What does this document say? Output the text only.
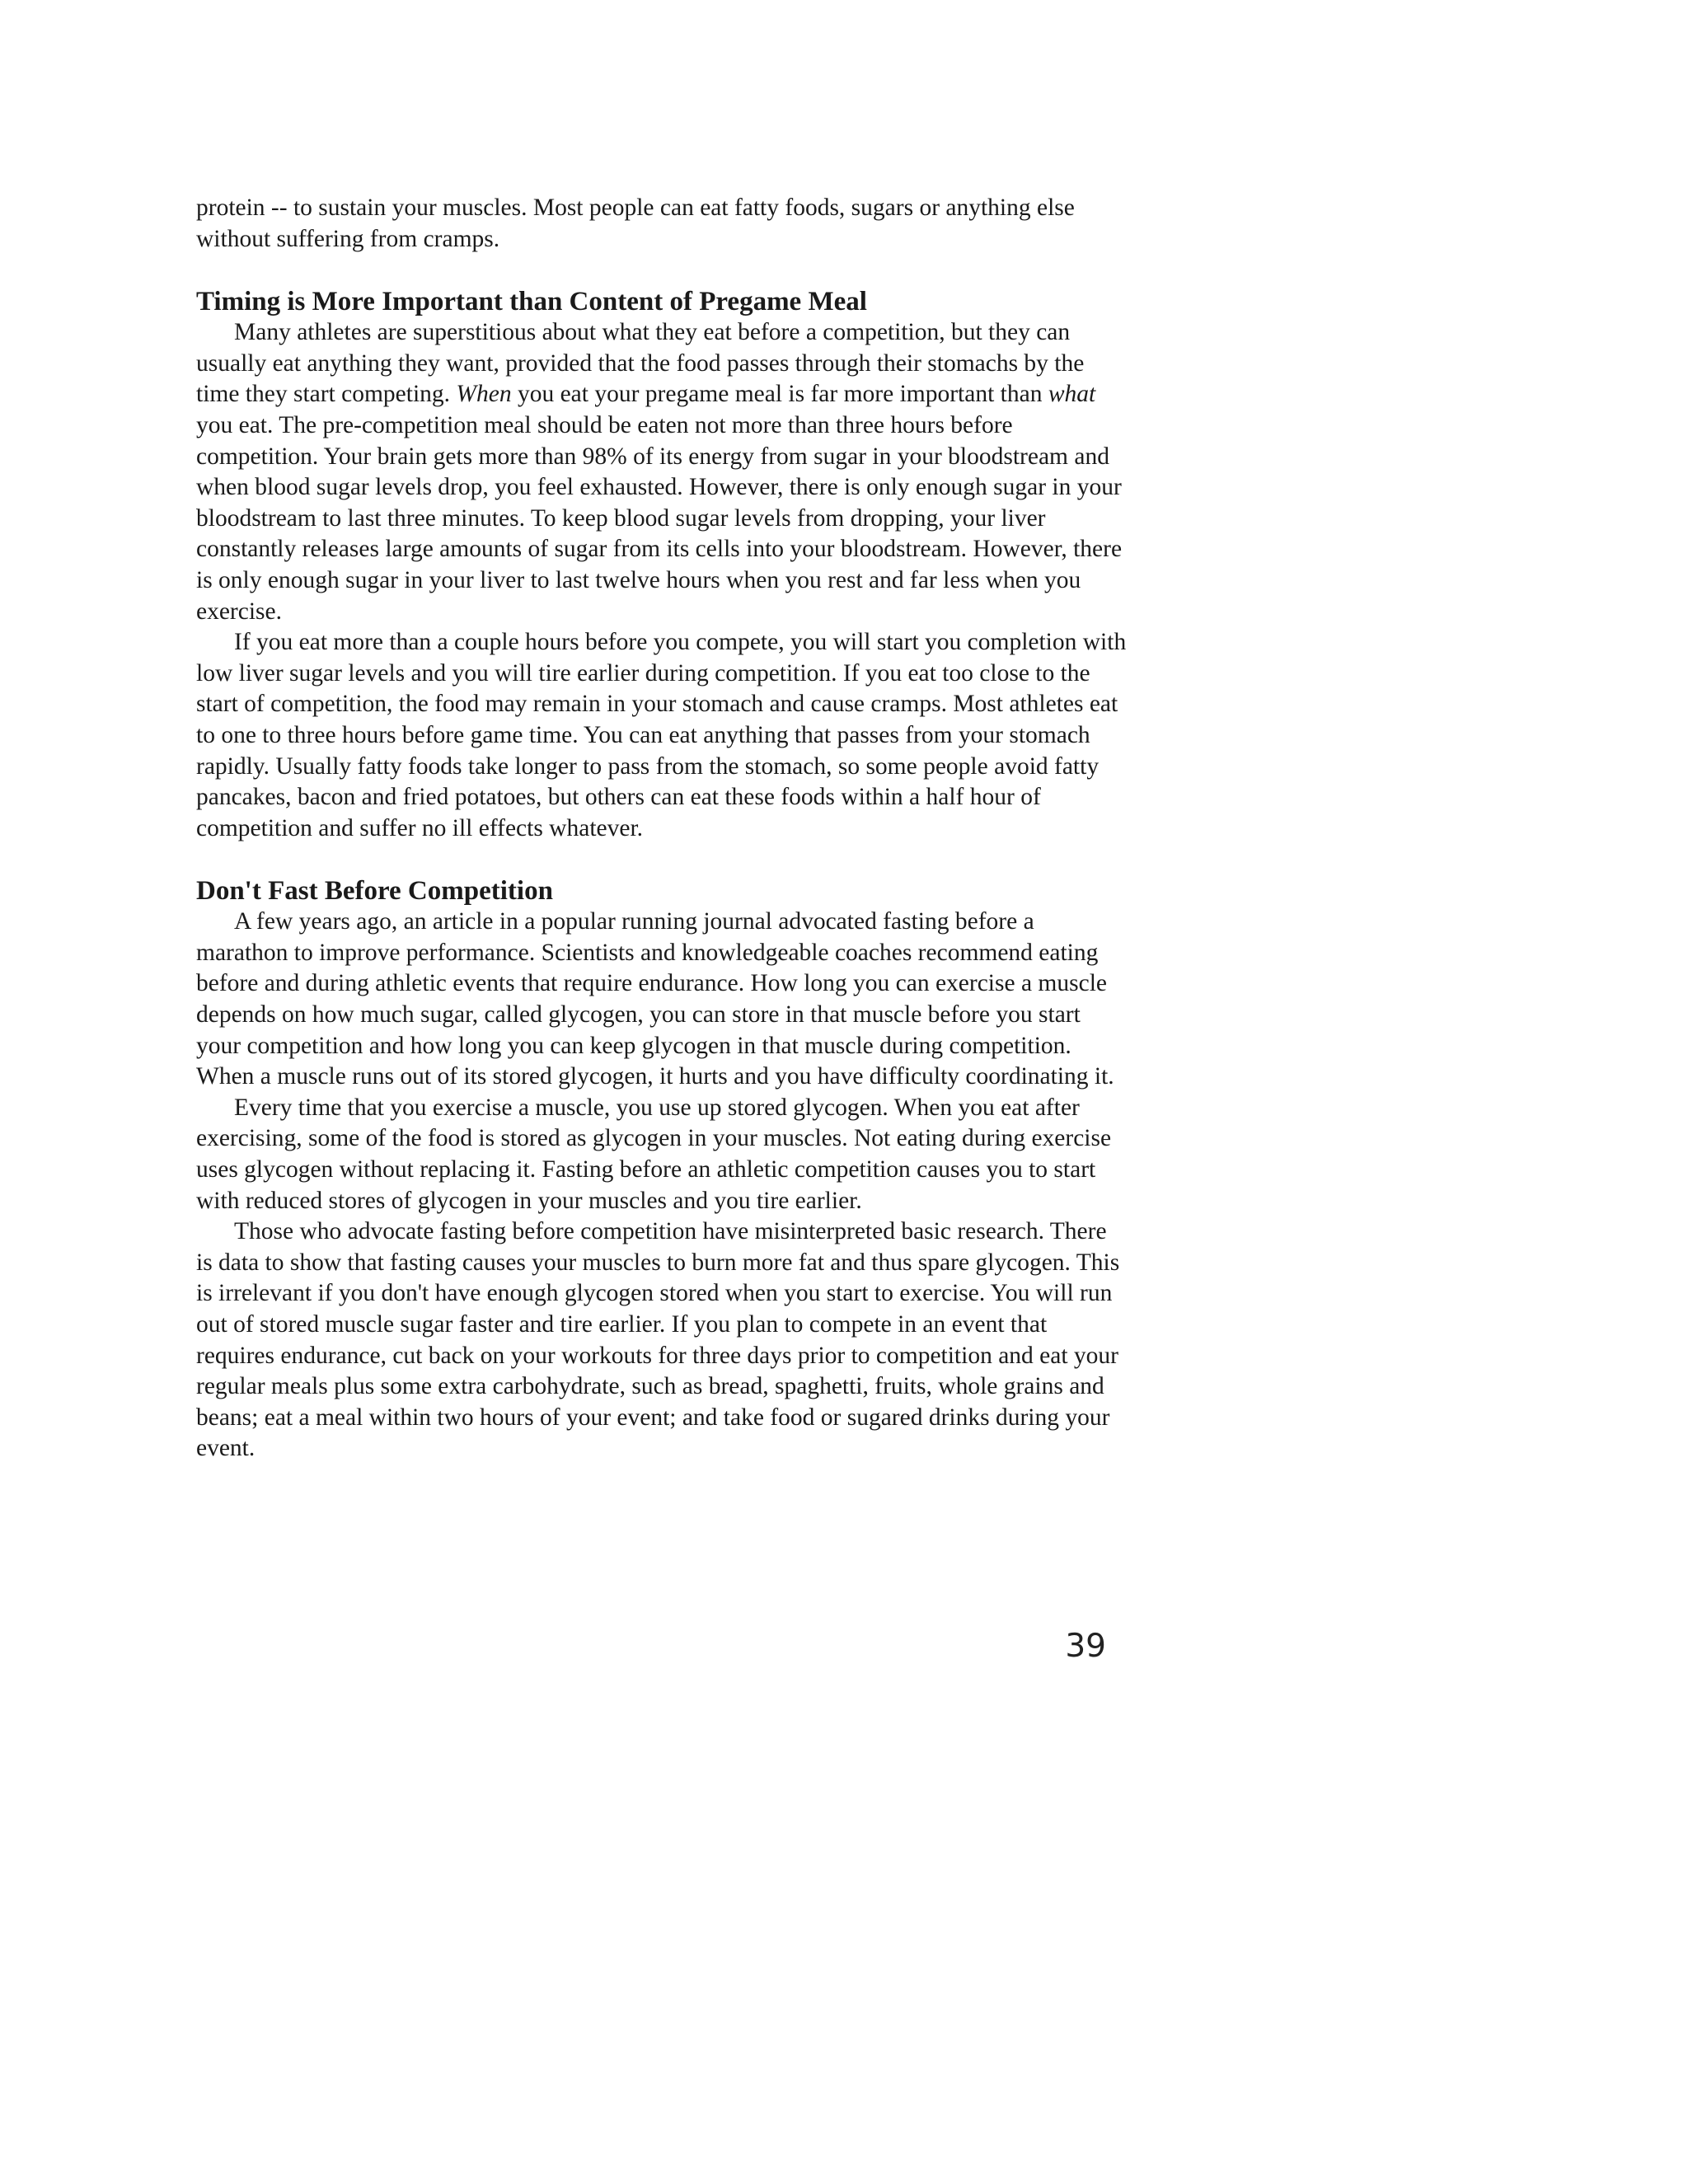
protein -- to sustain your muscles. Most people can eat fatty foods, sugars or anything else without suffering from cramps.

Timing is More Important than Content of Pregame Meal

Many athletes are superstitious about what they eat before a competition, but they can usually eat anything they want, provided that the food passes through their stomachs by the time they start competing. When you eat your pregame meal is far more important than what you eat. The pre-competition meal should be eaten not more than three hours before competition. Your brain gets more than 98% of its energy from sugar in your bloodstream and when blood sugar levels drop, you feel exhausted. However, there is only enough sugar in your bloodstream to last three minutes. To keep blood sugar levels from dropping, your liver constantly releases large amounts of sugar from its cells into your bloodstream. However, there is only enough sugar in your liver to last twelve hours when you rest and far less when you exercise.

If you eat more than a couple hours before you compete, you will start you completion with low liver sugar levels and you will tire earlier during competition. If you eat too close to the start of competition, the food may remain in your stomach and cause cramps. Most athletes eat to one to three hours before game time. You can eat anything that passes from your stomach rapidly. Usually fatty foods take longer to pass from the stomach, so some people avoid fatty pancakes, bacon and fried potatoes, but others can eat these foods within a half hour of competition and suffer no ill effects whatever.

Don't Fast Before Competition

A few years ago, an article in a popular running journal advocated fasting before a marathon to improve performance. Scientists and knowledgeable coaches recommend eating before and during athletic events that require endurance. How long you can exercise a muscle depends on how much sugar, called glycogen, you can store in that muscle before you start your competition and how long you can keep glycogen in that muscle during competition. When a muscle runs out of its stored glycogen, it hurts and you have difficulty coordinating it.

Every time that you exercise a muscle, you use up stored glycogen. When you eat after exercising, some of the food is stored as glycogen in your muscles. Not eating during exercise uses glycogen without replacing it. Fasting before an athletic competition causes you to start with reduced stores of glycogen in your muscles and you tire earlier.

Those who advocate fasting before competition have misinterpreted basic research. There is data to show that fasting causes your muscles to burn more fat and thus spare glycogen. This is irrelevant if you don't have enough glycogen stored when you start to exercise. You will run out of stored muscle sugar faster and tire earlier. If you plan to compete in an event that requires endurance, cut back on your workouts for three days prior to competition and eat your regular meals plus some extra carbohydrate, such as bread, spaghetti, fruits, whole grains and beans; eat a meal within two hours of your event; and take food or sugared drinks during your event.

39
